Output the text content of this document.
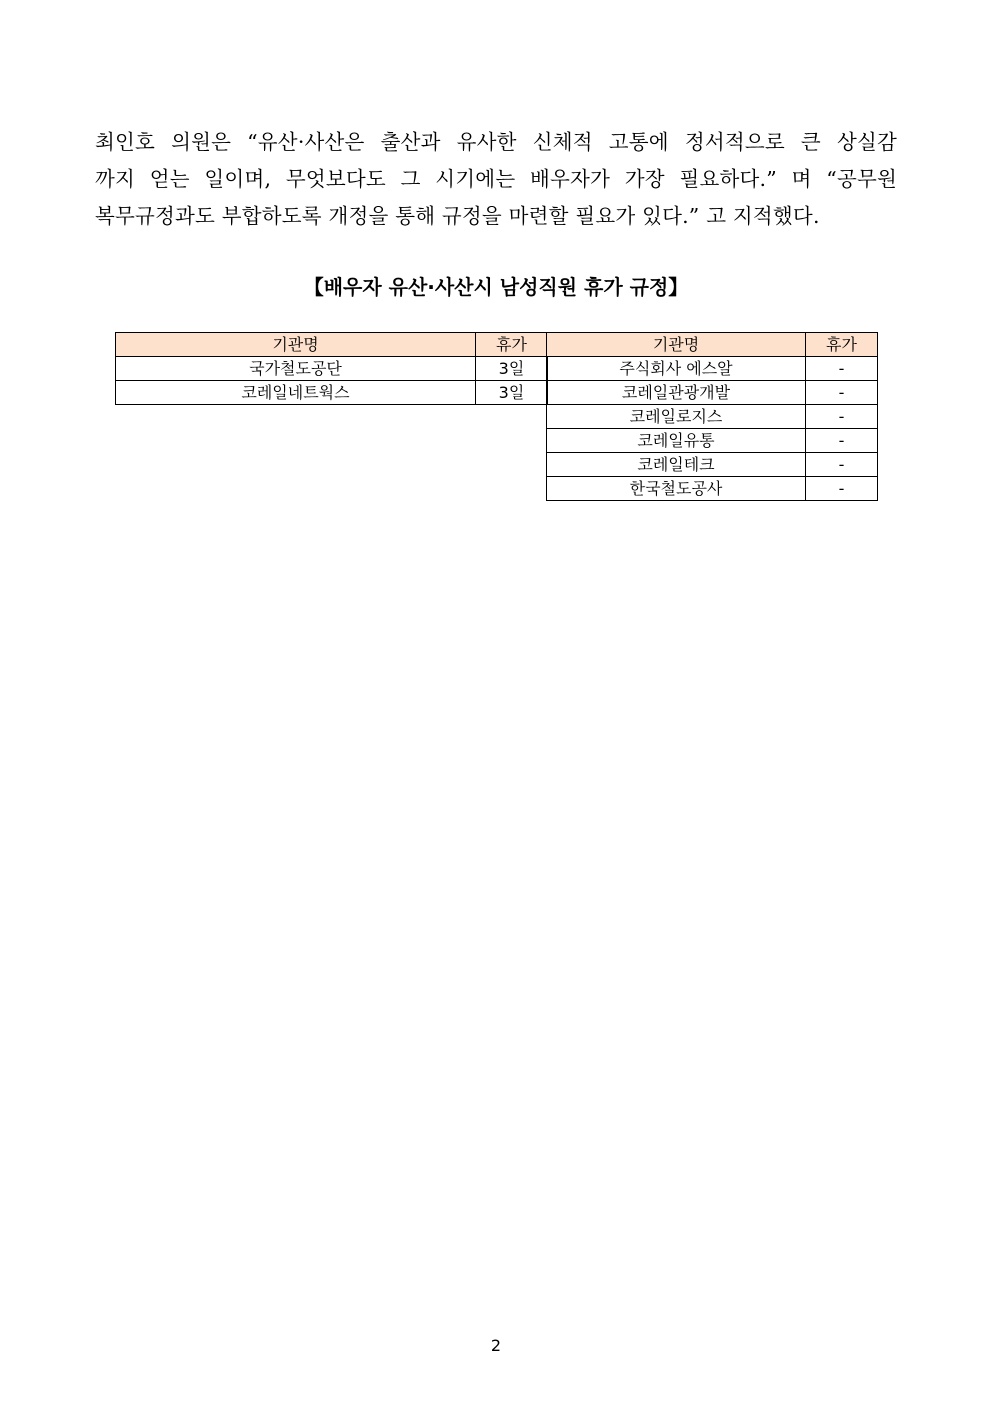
최인호 의원은 “유산·사산은 출산과 유사한 신체적 고통에 정서적으로 큰 상실감
까지 얻는 일이며, 무엇보다도 그 시기에는 배우자가 가장 필요하다.” 며 “공무원
복무규정과도 부합하도록 개정을 통해 규정을 마련할 필요가 있다.” 고 지적했다.
【배우자 유산·사산시 남성직원 휴가 규정】
기관명	휴가
국가철도공단	3일
코레일네트웍스	3일
기관명	휴가
주식회사 에스알	-
코레일관광개발	-
코레일로지스	-
코레일유통	-
코레일테크	-
한국철도공사	-
2
